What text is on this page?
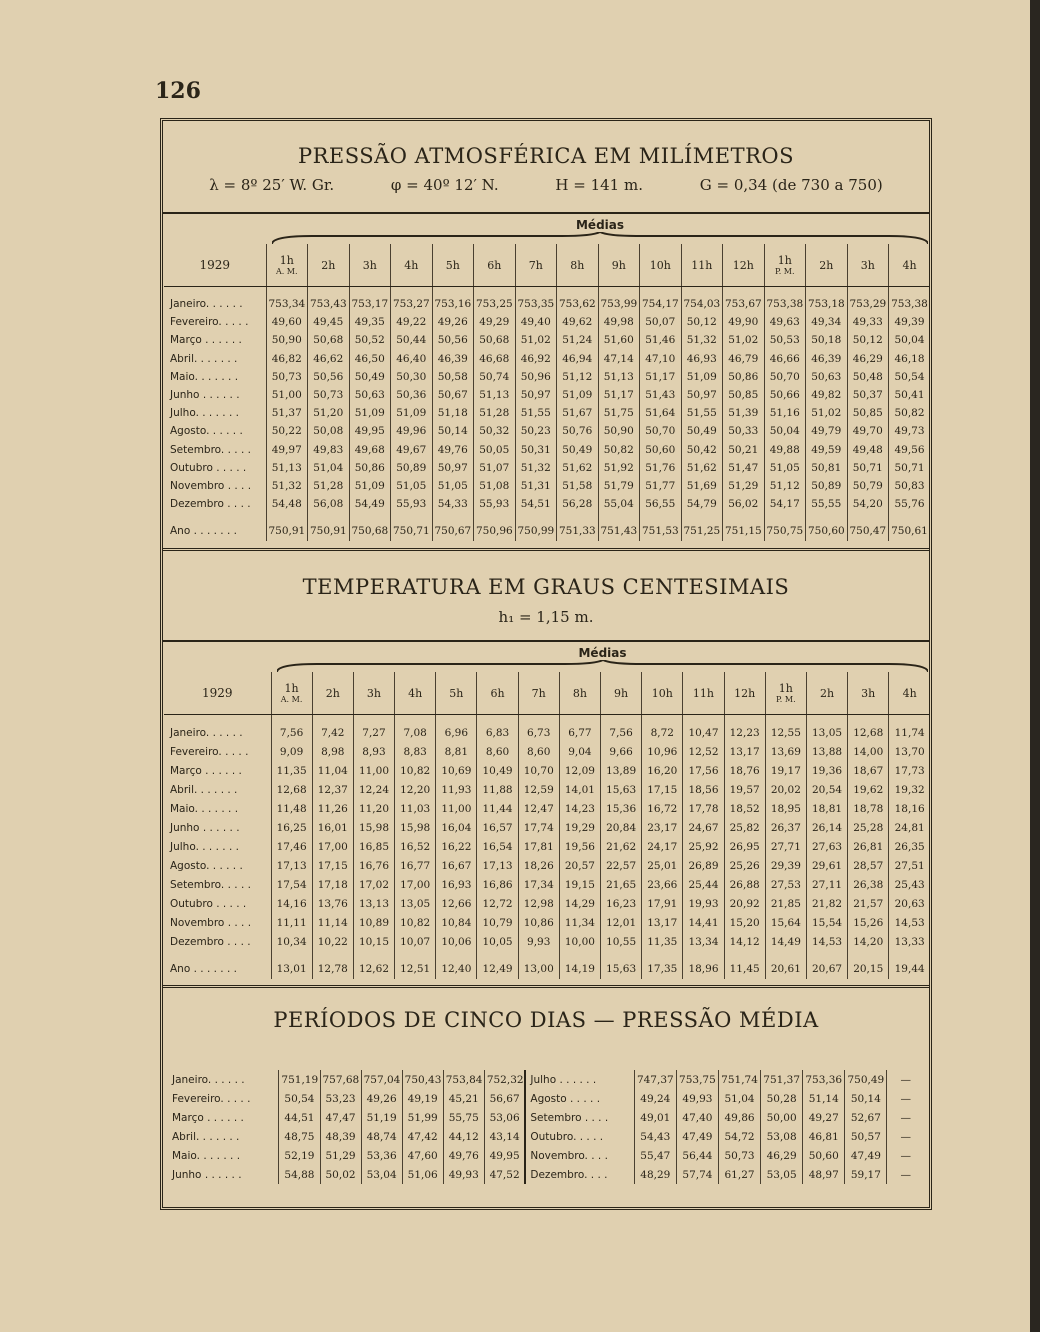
126
PRESSÃO ATMOSFÉRICA EM MILÍMETROS
λ = 8º 25′ W. Gr.	φ = 40º 12′ N.	H = 141 m.	G = 0,34 (de 730 a 750)
Médias
1929	1h
A. M.	2h	3h	4h	5h	6h	7h	8h	9h	10h	11h	12h	1h
P. M.	2h	3h	4h

Janeiro. . . . . .	753,34	753,43	753,17	753,27	753,16	753,25	753,35	753,62	753,99	754,17	754,03	753,67	753,38	753,18	753,29	753,38
Fevereiro. . . . .	49,60	49,45	49,35	49,22	49,26	49,29	49,40	49,62	49,98	50,07	50,12	49,90	49,63	49,34	49,33	49,39
Março . . . . . .	50,90	50,68	50,52	50,44	50,56	50,68	51,02	51,24	51,60	51,46	51,32	51,02	50,53	50,18	50,12	50,04
Abril. . . . . . .	46,82	46,62	46,50	46,40	46,39	46,68	46,92	46,94	47,14	47,10	46,93	46,79	46,66	46,39	46,29	46,18
Maio. . . . . . .	50,73	50,56	50,49	50,30	50,58	50,74	50,96	51,12	51,13	51,17	51,09	50,86	50,70	50,63	50,48	50,54
Junho . . . . . .	51,00	50,73	50,63	50,36	50,67	51,13	50,97	51,09	51,17	51,43	50,97	50,85	50,66	49,82	50,37	50,41
Julho. . . . . . .	51,37	51,20	51,09	51,09	51,18	51,28	51,55	51,67	51,75	51,64	51,55	51,39	51,16	51,02	50,85	50,82
Agosto. . . . . .	50,22	50,08	49,95	49,96	50,14	50,32	50,23	50,76	50,90	50,70	50,49	50,33	50,04	49,79	49,70	49,73
Setembro. . . . .	49,97	49,83	49,68	49,67	49,76	50,05	50,31	50,49	50,82	50,60	50,42	50,21	49,88	49,59	49,48	49,56
Outubro . . . . .	51,13	51,04	50,86	50,89	50,97	51,07	51,32	51,62	51,92	51,76	51,62	51,47	51,05	50,81	50,71	50,71
Novembro . . . .	51,32	51,28	51,09	51,05	51,05	51,08	51,31	51,58	51,79	51,77	51,69	51,29	51,12	50,89	50,79	50,83
Dezembro . . . .	54,48	56,08	54,49	55,93	54,33	55,93	54,51	56,28	55,04	56,55	54,79	56,02	54,17	55,55	54,20	55,76

Ano . . . . . . .	750,91	750,91	750,68	750,71	750,67	750,96	750,99	751,33	751,43	751,53	751,25	751,15	750,75	750,60	750,47	750,61
TEMPERATURA EM GRAUS CENTESIMAIS
h₁ = 1,15 m.
Médias
1929	1h
A. M.	2h	3h	4h	5h	6h	7h	8h	9h	10h	11h	12h	1h
P. M.	2h	3h	4h

Janeiro. . . . . .	7,56	7,42	7,27	7,08	6,96	6,83	6,73	6,77	7,56	8,72	10,47	12,23	12,55	13,05	12,68	11,74
Fevereiro. . . . .	9,09	8,98	8,93	8,83	8,81	8,60	8,60	9,04	9,66	10,96	12,52	13,17	13,69	13,88	14,00	13,70
Março . . . . . .	11,35	11,04	11,00	10,82	10,69	10,49	10,70	12,09	13,89	16,20	17,56	18,76	19,17	19,36	18,67	17,73
Abril. . . . . . .	12,68	12,37	12,24	12,20	11,93	11,88	12,59	14,01	15,63	17,15	18,56	19,57	20,02	20,54	19,62	19,32
Maio. . . . . . .	11,48	11,26	11,20	11,03	11,00	11,44	12,47	14,23	15,36	16,72	17,78	18,52	18,95	18,81	18,78	18,16
Junho . . . . . .	16,25	16,01	15,98	15,98	16,04	16,57	17,74	19,29	20,84	23,17	24,67	25,82	26,37	26,14	25,28	24,81
Julho. . . . . . .	17,46	17,00	16,85	16,52	16,22	16,54	17,81	19,56	21,62	24,17	25,92	26,95	27,71	27,63	26,81	26,35
Agosto. . . . . .	17,13	17,15	16,76	16,77	16,67	17,13	18,26	20,57	22,57	25,01	26,89	25,26	29,39	29,61	28,57	27,51
Setembro. . . . .	17,54	17,18	17,02	17,00	16,93	16,86	17,34	19,15	21,65	23,66	25,44	26,88	27,53	27,11	26,38	25,43
Outubro . . . . .	14,16	13,76	13,13	13,05	12,66	12,72	12,98	14,29	16,23	17,91	19,93	20,92	21,85	21,82	21,57	20,63
Novembro . . . .	11,11	11,14	10,89	10,82	10,84	10,79	10,86	11,34	12,01	13,17	14,41	15,20	15,64	15,54	15,26	14,53
Dezembro . . . .	10,34	10,22	10,15	10,07	10,06	10,05	9,93	10,00	10,55	11,35	13,34	14,12	14,49	14,53	14,20	13,33

Ano . . . . . . .	13,01	12,78	12,62	12,51	12,40	12,49	13,00	14,19	15,63	17,35	18,96	11,45	20,61	20,67	20,15	19,44
PERÍODOS DE CINCO DIAS — PRESSÃO MÉDIA
Janeiro. . . . . .	751,19	757,68	757,04	750,43	753,84	752,32	Julho . . . . . .	747,37	753,75	751,74	751,37	753,36	750,49	—
Fevereiro. . . . .	50,54	53,23	49,26	49,19	45,21	56,67	Agosto . . . . .	49,24	49,93	51,04	50,28	51,14	50,14	—
Março . . . . . .	44,51	47,47	51,19	51,99	55,75	53,06	Setembro . . . .	49,01	47,40	49,86	50,00	49,27	52,67	—
Abril. . . . . . .	48,75	48,39	48,74	47,42	44,12	43,14	Outubro. . . . .	54,43	47,49	54,72	53,08	46,81	50,57	—
Maio. . . . . . .	52,19	51,29	53,36	47,60	49,76	49,95	Novembro. . . .	55,47	56,44	50,73	46,29	50,60	47,49	—
Junho . . . . . .	54,88	50,02	53,04	51,06	49,93	47,52	Dezembro. . . .	48,29	57,74	61,27	53,05	48,97	59,17	—
